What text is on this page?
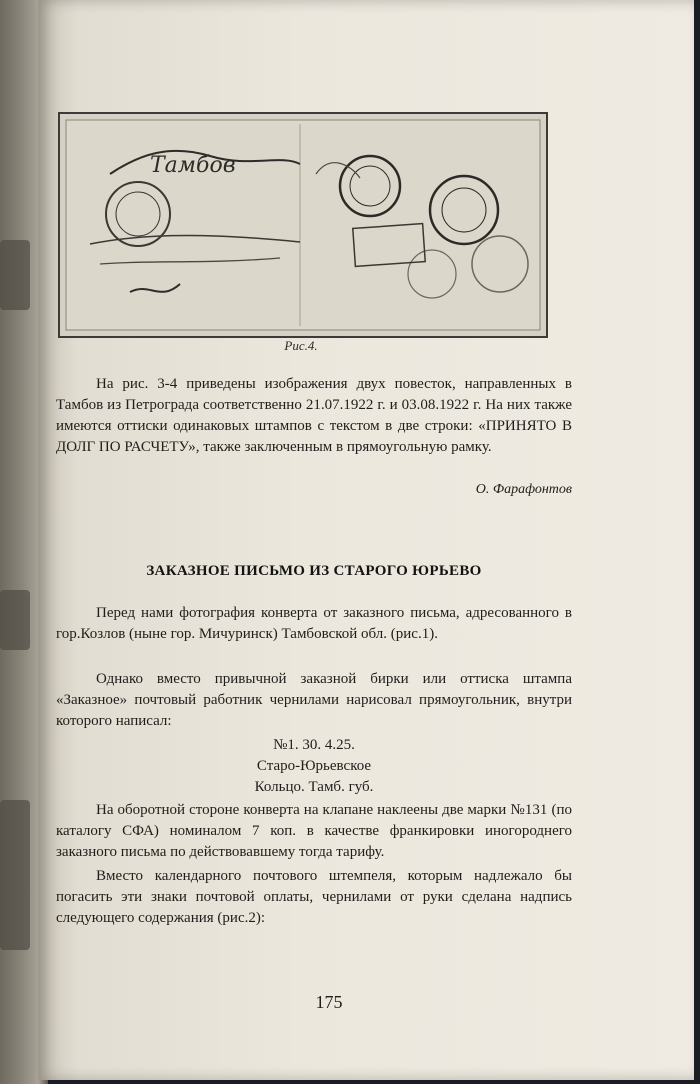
Тамбов
Рис.4.

На рис. 3-4 приведены изображения двух повесток, направленных в Тамбов из Петрограда соответственно 21.07.1922 г. и 03.08.1922 г. На них также имеются оттиски одинаковых штампов с текстом в две строки: «ПРИНЯТО В ДОЛГ ПО РАСЧЕТУ», также заключенным в прямоугольную рамку.

О. Фарафонтов
ЗАКАЗНОЕ ПИСЬМО ИЗ СТАРОГО ЮРЬЕВО

Перед нами фотография конверта от заказного письма, адресованного в гор.Козлов (ныне гор. Мичуринск) Тамбовской обл. (рис.1).

Однако вместо привычной заказной бирки или оттиска штампа «Заказное» почтовый работник чернилами нарисовал прямоугольник, внутри которого написал:

№1. 30. 4.25.
Старо-Юрьевское
Кольцо. Тамб. губ.

На оборотной стороне конверта на клапане наклеены две марки №131 (по каталогу СФА) номиналом 7 коп. в качестве франкировки иногороднего заказного письма по действовавшему тогда тарифу.

Вместо календарного почтового штемпеля, которым надлежало бы погасить эти знаки почтовой оплаты, чернилами от руки сделана надпись следующего содержания (рис.2):

175
